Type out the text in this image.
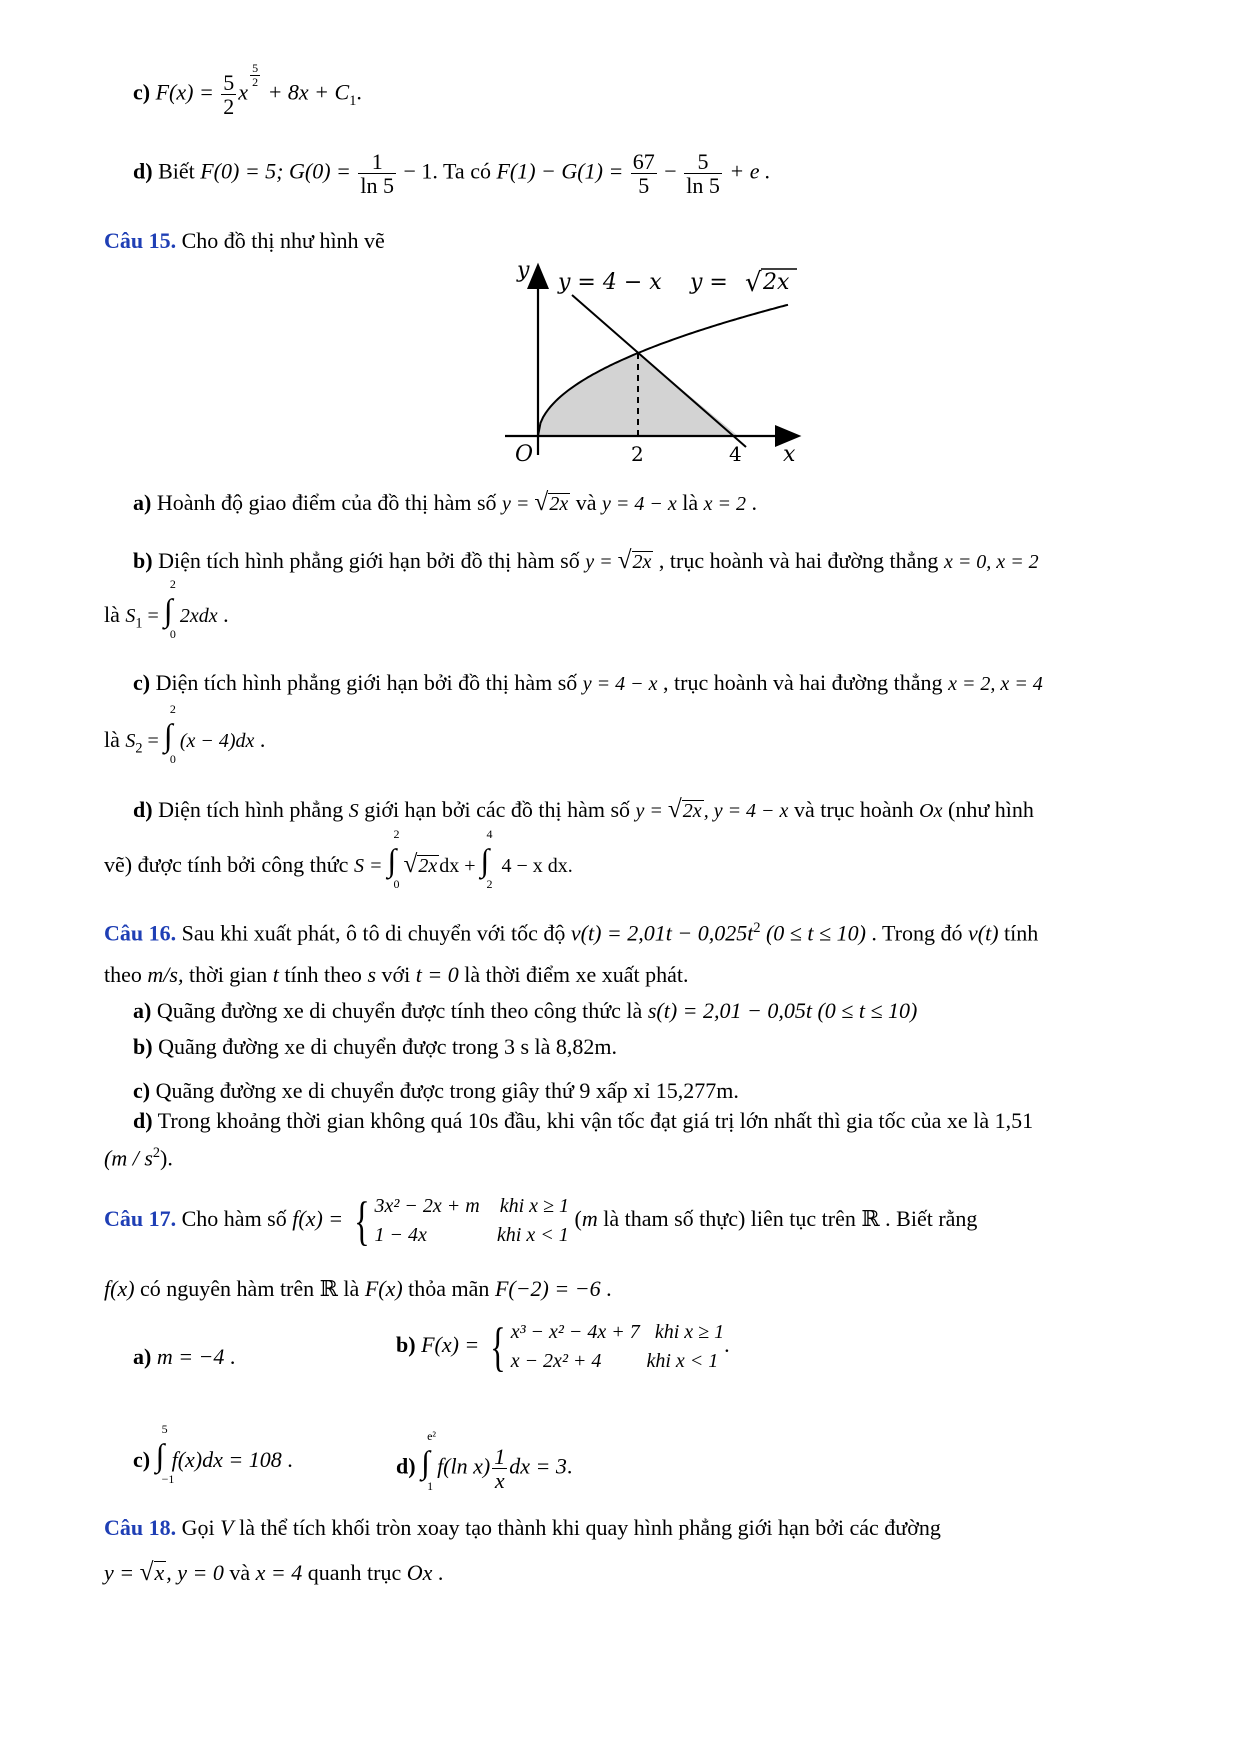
c) $F(x) = \frac{5}{2}$ x
$\frac{5}{2}$
+ $8x + C_1$.
d) Biết F(0) = 5; $G(0) = \frac{1}{\ln 5} - 1$. Ta có $F(1) - G(1) = \frac{67}{5} - \frac{5}{\ln 5} + e$ .
Câu 15. Cho đồ thị như hình vẽ
y
O	2	4 x
y = 4 − x y = √ 2x
a) Hoành độ giao điểm của đồ thị hàm số y = √2x và y = 4 − x là x = 2 .
b) Diện tích hình phẳng giới hạn bởi đồ thị hàm số y = √2x , trục hoành và hai đường thẳng x = 0, x = 2
là $S_1$ = ∫
2
0
2xdx .
c) Diện tích hình phẳng giới hạn bởi đồ thị hàm số y = 4 − x , trục hoành và hai đường thẳng x = 2, x = 4
là $S_2$ = ∫
2
0
(x − 4)dx .
d) Diện tích hình phẳng S giới hạn bởi các đồ thị hàm số y = √2x , y = 4 − x và trục hoành Ox (như hình
vẽ) được tính bởi công thức S = ∫
2
0
√2x dx + ∫
4
2
4 − x dx.
Câu 16. Sau khi xuất phát, ô tô di chuyển với tốc độ $v(t) = 2,01t - 0,025t^2$ (0 ≤ t ≤ 10) . Trong đó v(t) tính
theo m/s, thời gian t tính theo s với t = 0 là thời điểm xe xuất phát.
a) Quãng đường xe di chuyển được tính theo công thức là s(t) = 2,01 − 0,05t (0 ≤ t ≤ 10)
b) Quãng đường xe di chuyển được trong 3 s là 8,82m.
c) Quãng đường xe di chuyển được trong giây thứ 9 xấp xỉ 15,277m.
d) Trong khoảng thời gian không quá 10s đầu, khi vận tốc đạt giá trị lớn nhất thì gia tốc của xe là 1,51
$(m / s^2)$.
Câu 17. Cho hàm số f(x) = { 3x² − 2x + m khi x ≥ 1
1 − 4x	khi x < 1
(m là tham số thực) liên tục trên ℝ . Biết rằng
f(x) có nguyên hàm trên ℝ là F(x) thỏa mãn F(−2) = −6 .
a) m = −4 .	b) F(x) = { x³ − x² − 4x + 7 khi x ≥ 1
x − 2x² + 4 khi x < 1
.
c) ∫
5
−1
f(x)dx = 108 .	d) ∫
e²
1
f(ln $x) \frac{1}{x}$ dx = 3.
Câu 18. Gọi V là thể tích khối tròn xoay tạo thành khi quay hình phẳng giới hạn bởi các đường
y = √x, y = 0 và x = 4 quanh trục Ox .
